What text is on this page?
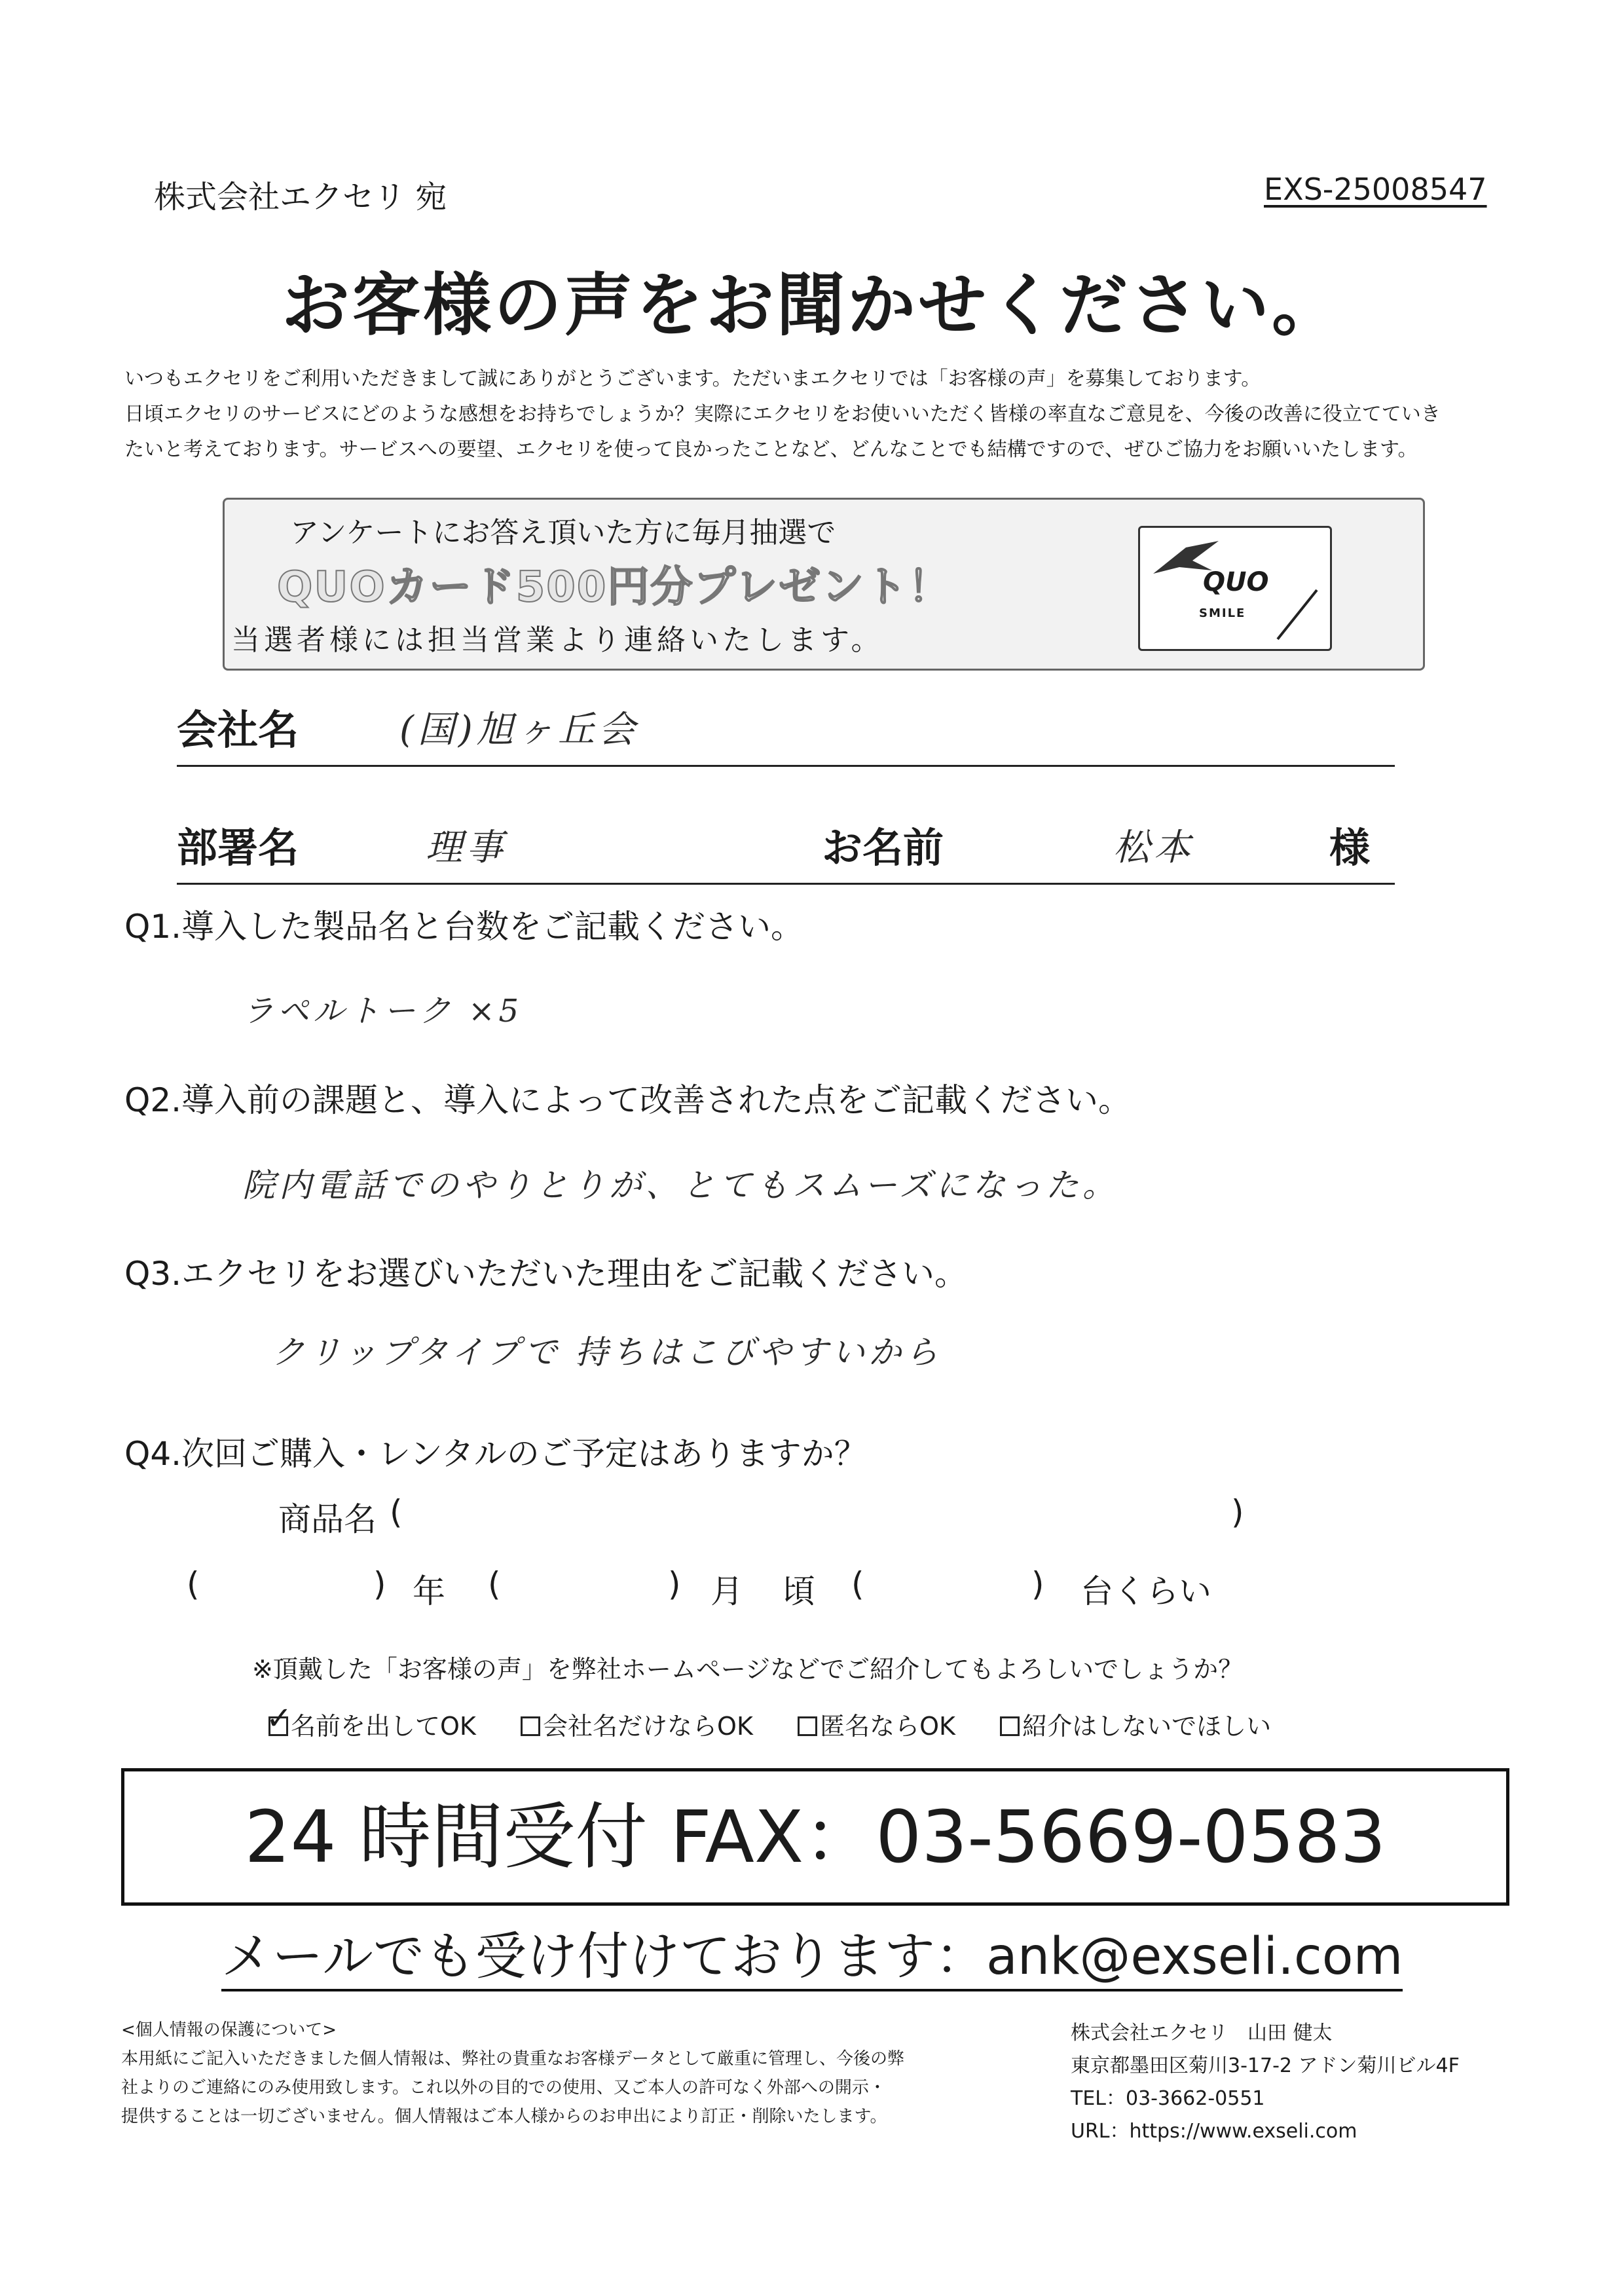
株式会社エクセリ 宛	EXS-25008547
お客様の声をお聞かせください。
いつもエクセリをご利用いただきまして誠にありがとうございます。ただいまエクセリでは「お客様の声」を募集しております。
日頃エクセリのサービスにどのような感想をお持ちでしょうか？実際にエクセリをお使いいただく皆様の率直なご意見を、今後の改善に役立てていき
たいと考えております。サービスへの要望、エクセリを使って良かったことなど、どんなことでも結構ですので、ぜひご協力をお願いいたします。
アンケートにお答え頂いた方に毎月抽選で
QUOカード500円分プレゼント！
当選者様には担当営業より連絡いたします。
QUO
SMILE
会社名	(国)旭ヶ丘会
部署名	理事	お名前	松本	様
Q1.導入した製品名と台数をご記載ください。
ラペルトーク ×5
Q2.導入前の課題と、導入によって改善された点をご記載ください。
院内電話でのやりとりが、とてもスムーズになった。
Q3.エクセリをお選びいただいた理由をご記載ください。
クリップタイプで 持ちはこびやすいから
Q4.次回ご購入・レンタルのご予定はありますか？
商品名 (	)
(	) 年 (	) 月 頃 (	) 台くらい
※頂戴した「お客様の声」を弊社ホームページなどでご紹介してもよろしいでしょうか？
✓
名前を出してOK	会社名だけならOK	匿名ならOK	紹介はしないでほしい
24 時間受付 FAX：03-5669-0583
メールでも受け付けております：ank@exseli.com
<個人情報の保護について>
本用紙にご記入いただきました個人情報は、弊社の貴重なお客様データとして厳重に管理し、今後の弊
社よりのご連絡にのみ使用致します。これ以外の目的での使用、又ご本人の許可なく外部への開示・
提供することは一切ございません。個人情報はご本人様からのお申出により訂正・削除いたします。
株式会社エクセリ　山田 健太
東京都墨田区菊川3-17-2 アドン菊川ビル4F
TEL：03-3662-0551
URL：https://www.exseli.com
